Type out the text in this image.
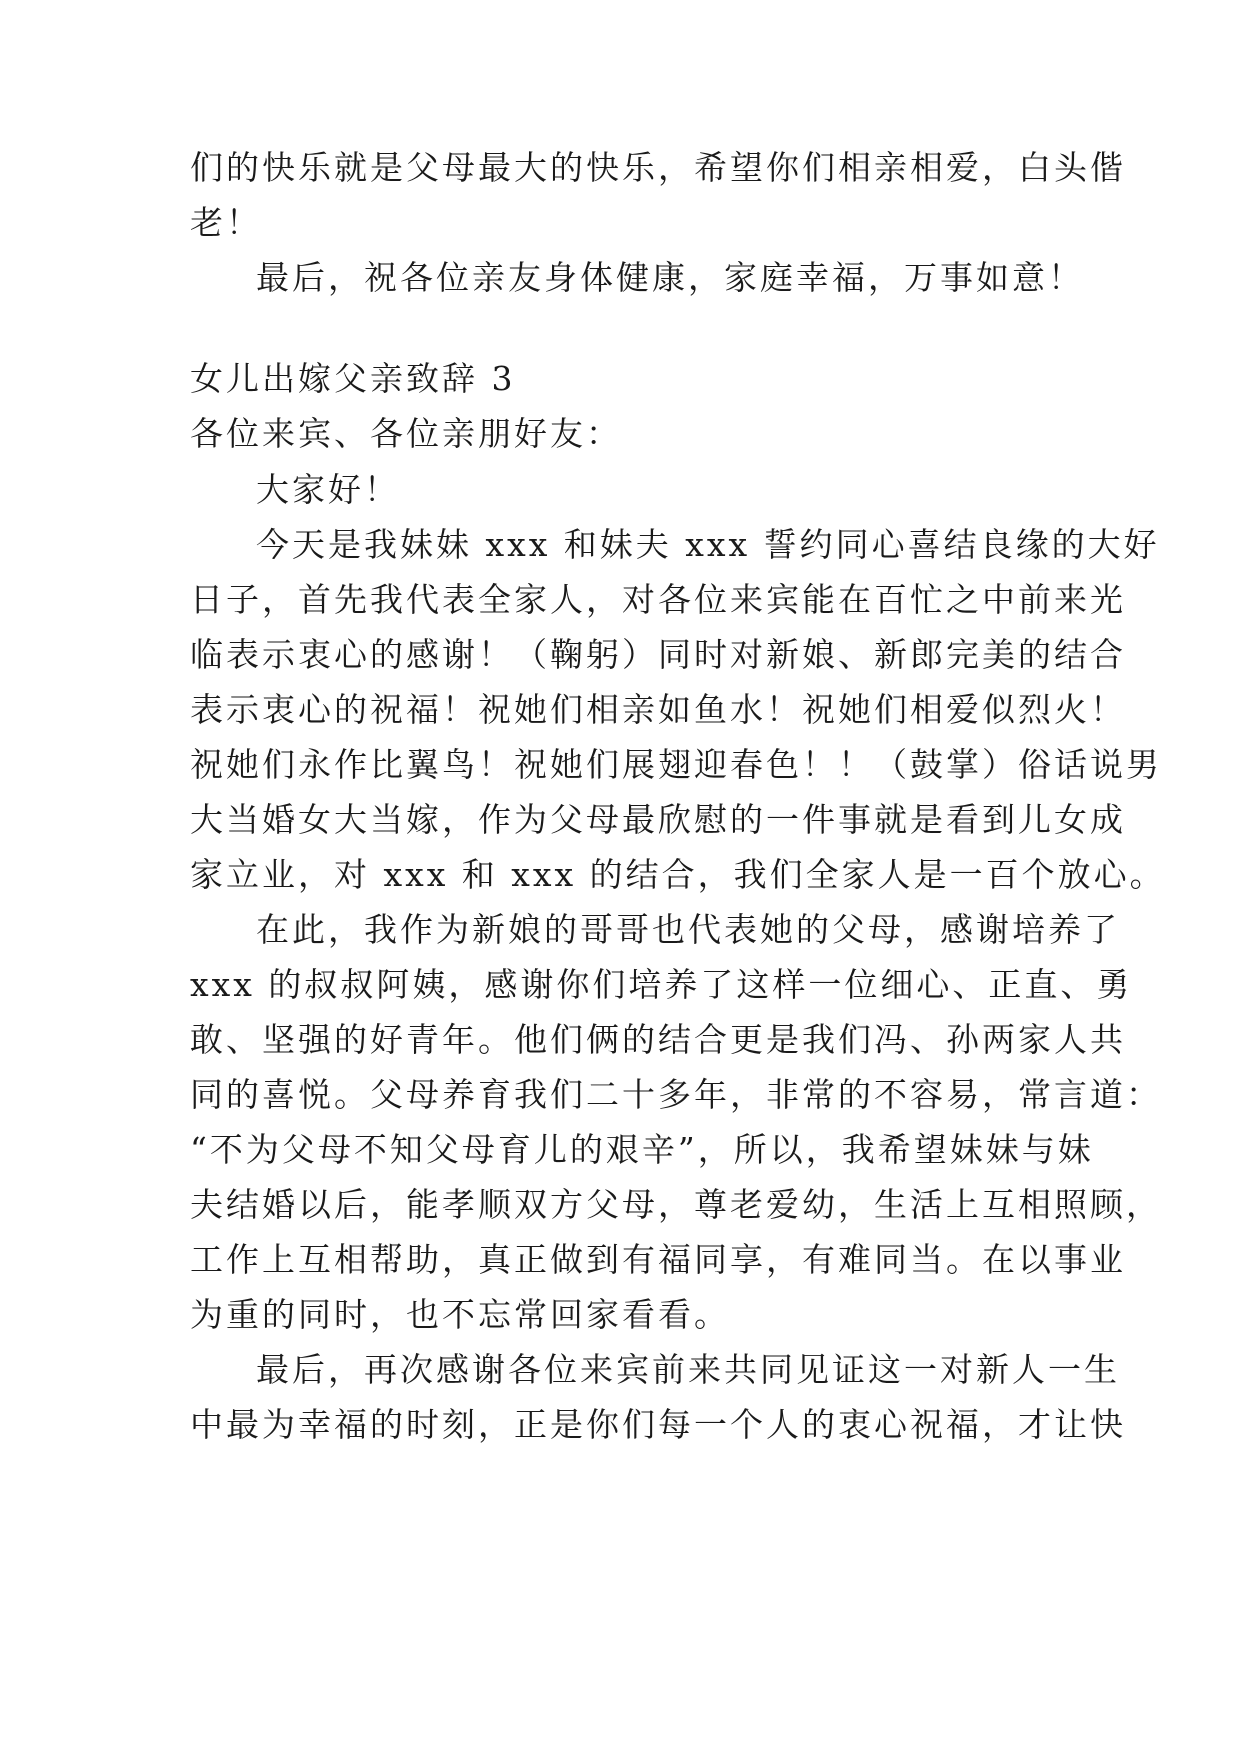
们的快乐就是父母最大的快乐，希望你们相亲相爱，白头偕
老！
最后，祝各位亲友身体健康，家庭幸福，万事如意！
女儿出嫁父亲致辞 3
各位来宾、各位亲朋好友：
大家好！
今天是我妹妹 xxx 和妹夫 xxx 誓约同心喜结良缘的大好
日子，首先我代表全家人，对各位来宾能在百忙之中前来光
临表示衷心的感谢！（鞠躬）同时对新娘、新郎完美的结合
表示衷心的祝福！祝她们相亲如鱼水！祝她们相爱似烈火！
祝她们永作比翼鸟！祝她们展翅迎春色！！（鼓掌）俗话说男
大当婚女大当嫁，作为父母最欣慰的一件事就是看到儿女成
家立业，对 xxx 和 xxx 的结合，我们全家人是一百个放心。
在此，我作为新娘的哥哥也代表她的父母，感谢培养了
xxx 的叔叔阿姨，感谢你们培养了这样一位细心、正直、勇
敢、坚强的好青年。他们俩的结合更是我们冯、孙两家人共
同的喜悦。父母养育我们二十多年，非常的不容易，常言道：
“不为父母不知父母育儿的艰辛”，所以，我希望妹妹与妹
夫结婚以后，能孝顺双方父母，尊老爱幼，生活上互相照顾，
工作上互相帮助，真正做到有福同享，有难同当。在以事业
为重的同时，也不忘常回家看看。
最后，再次感谢各位来宾前来共同见证这一对新人一生
中最为幸福的时刻，正是你们每一个人的衷心祝福，才让快
